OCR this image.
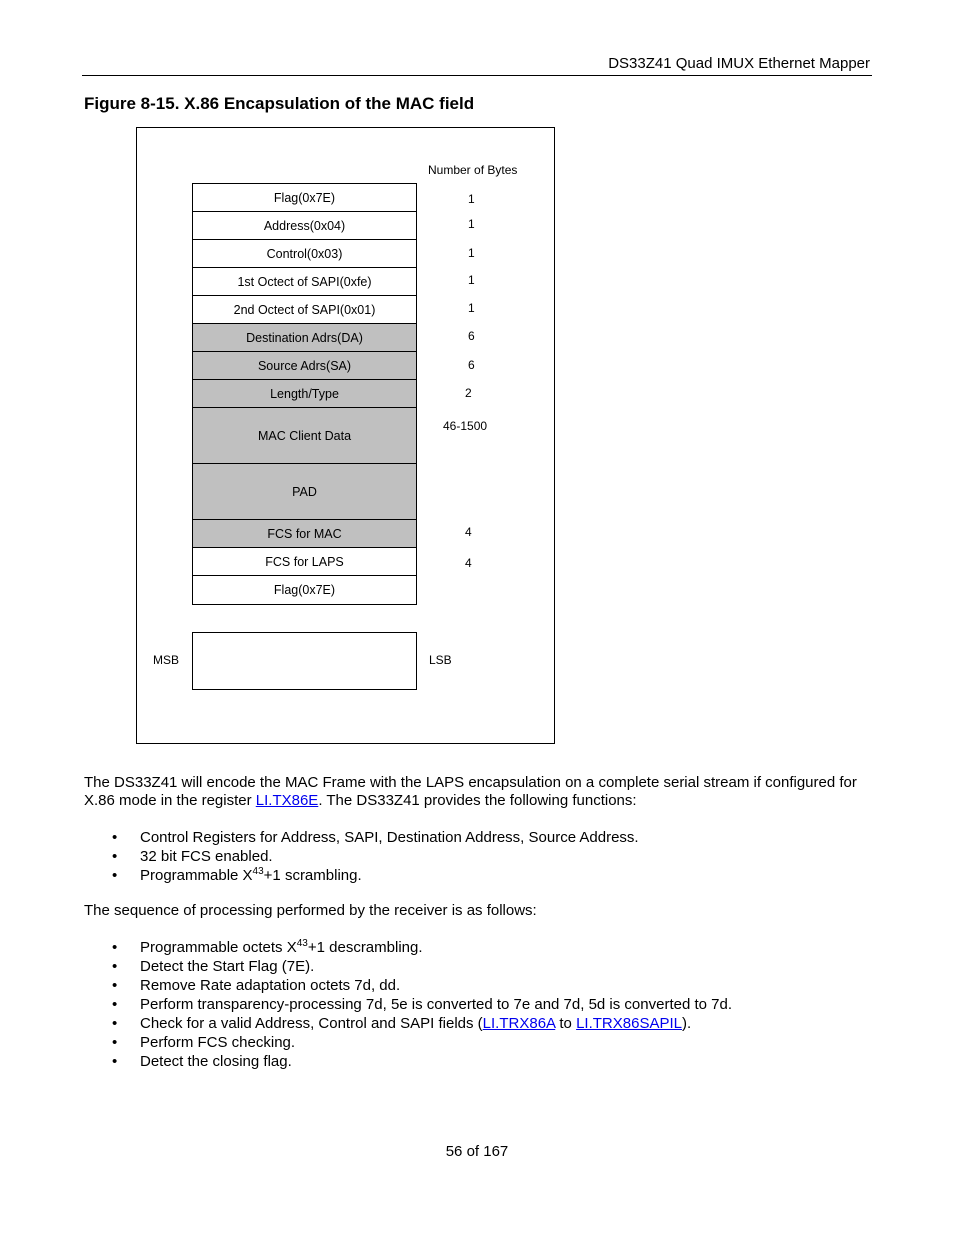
DS33Z41 Quad IMUX Ethernet Mapper
Figure 8-15. X.86 Encapsulation of the MAC field
Number of Bytes
Flag(0x7E)
Address(0x04)
Control(0x03)
1st Octect of SAPI(0xfe)
2nd Octect of SAPI(0x01)
Destination Adrs(DA)
Source Adrs(SA)
Length/Type
MAC Client Data
PAD
FCS for MAC
FCS for LAPS
Flag(0x7E)
1
1
1
1
1
6
6
2
46-1500
4
4
MSB	LSB
The DS33Z41 will encode the MAC Frame with the LAPS encapsulation on a complete serial stream if configured for X.86 mode in the register LI.TX86E. The DS33Z41 provides the following functions:
• Control Registers for Address, SAPI, Destination Address, Source Address.
• 32 bit FCS enabled.
• Programmable $X^{43}+1$ scrambling.
The sequence of processing performed by the receiver is as follows:
• Programmable octets $X^{43}+1$ descrambling.
• Detect the Start Flag (7E).
• Remove Rate adaptation octets 7d, dd.
• Perform transparency-processing 7d, 5e is converted to 7e and 7d, 5d is converted to 7d.
• Check for a valid Address, Control and SAPI fields (LI.TRX86A to LI.TRX86SAPIL).
• Perform FCS checking.
• Detect the closing flag.
56 of 167
